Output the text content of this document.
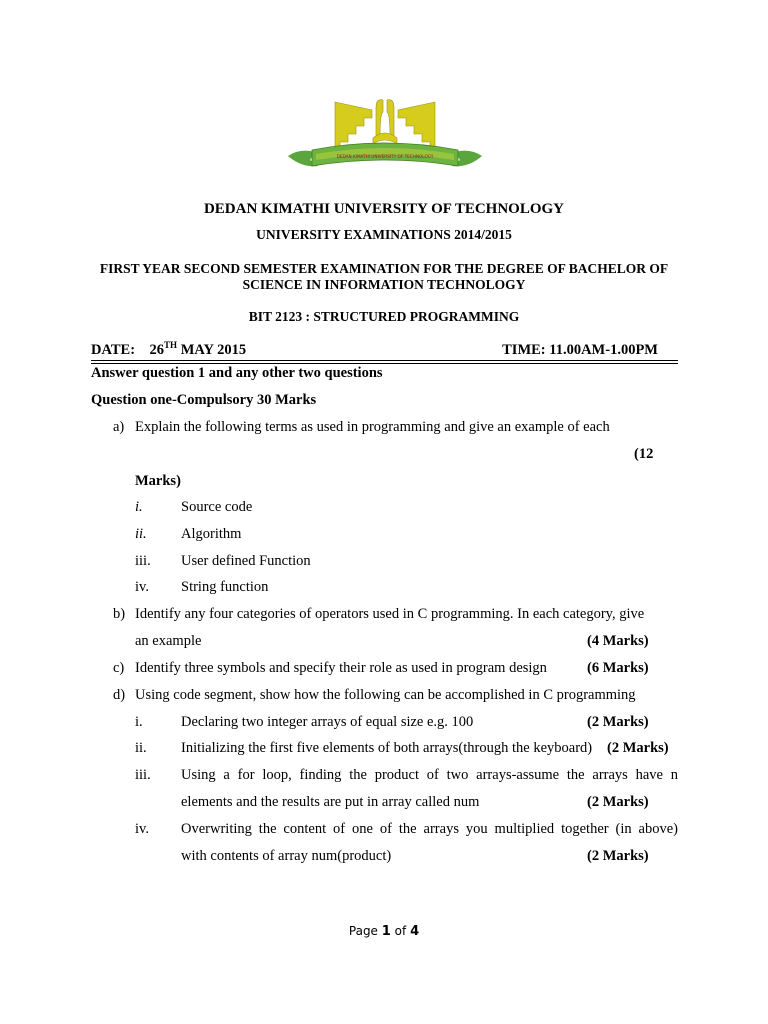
DEDAN KIMATHI UNIVERSITY OF TECHNOLOGY
DEDAN KIMATHI UNIVERSITY OF TECHNOLOGY
UNIVERSITY EXAMINATIONS 2014/2015
FIRST YEAR SECOND SEMESTER EXAMINATION FOR THE DEGREE OF BACHELOR OF
SCIENCE IN INFORMATION TECHNOLOGY
BIT 2123 : STRUCTURED PROGRAMMING
DATE: 26TH MAY 2015	TIME: 11.00AM-1.00PM
Answer question 1 and any other two questions
Question one-Compulsory 30 Marks
a) Explain the following terms as used in programming and give an example of each
(12
Marks)
i.	Source code
ii. Algorithm
iii. User defined Function
iv. String function
b) Identify any four categories of operators used in C programming. In each category, give
an example	(4 Marks)
c) Identify three symbols and specify their role as used in program design	(6 Marks)
d) Using code segment, show how the following can be accomplished in C programming
i.	Declaring two integer arrays of equal size e.g. 100	(2 Marks)
ii. Initializing the first five elements of both arrays(through the keyboard) (2 Marks)
iii. Using a for loop, finding the product of two arrays-assume the arrays have n
elements and the results are put in array called num	(2 Marks)
iv. Overwriting the content of one of the arrays you multiplied together (in above)
with contents of array num(product)	(2 Marks)
Page 1 of 4
